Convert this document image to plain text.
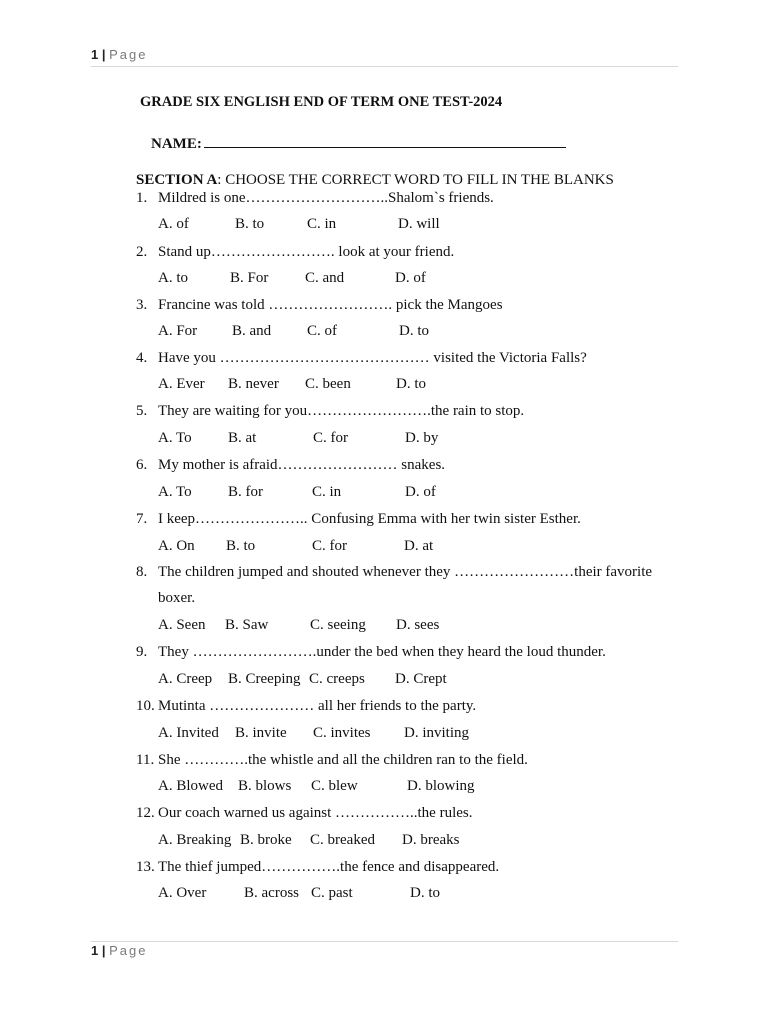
1 | Page
GRADE SIX ENGLISH END OF TERM ONE TEST-2024
NAME:
SECTION A: CHOOSE THE CORRECT WORD TO FILL IN THE BLANKS
1. Mildred is one………………………..Shalom`s friends.
A. of	B. to	C. in	D. will
2. Stand up……………………. look at your friend.
A. to	B. For C. and	D. of
3. Francine was told ……………………. pick the Mangoes
A. For B. and C. of	D. to
4. Have you …………………………………… visited the Victoria Falls?
A. Ever B. never C. been	D. to
5. They are waiting for you…………………….the rain to stop.
A. To B. at	C. for	D. by
6. My mother is afraid…………………… snakes.
A. To B. for	C. in	D. of
7. I keep………………….. Confusing Emma with her twin sister Esther.
A. On B. to	C. for	D. at
8. The children jumped and shouted whenever they ……………………their favorite
boxer.
A. Seen B. Saw	C. seeing D. sees
9. They …………………….under the bed when they heard the loud thunder.
A. Creep B. Creeping C. creeps D. Crept
10. Mutinta ………………… all her friends to the party.
A. Invited B. invite C. invites D. inviting
11. She ………….the whistle and all the children ran to the field.
A. Blowed B. blows C. blew	D. blowing
12. Our coach warned us against ……………..the rules.
A. Breaking B. broke C. breaked D. breaks
13. The thief jumped…………….the fence and disappeared.
A. Over	B. across C. past	D. to
1 | Page
